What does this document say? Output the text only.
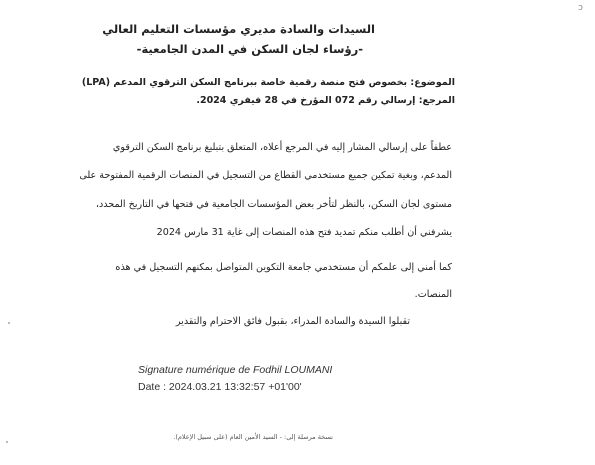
ɔ
السيدات والسادة مديري مؤسسات التعليم العالي
-رؤساء لجان السكن في المدن الجامعية-
الموضوع: بخصوص فتح منصة رقمية خاصة ببرنامج السكن الترقوي المدعم (LPA)
المرجع: إرسالي رقم 072 المؤرخ في 28 فيفري 2024.
عطفاً على إرسالي المشار إليه في المرجع أعلاه، المتعلق بتبليغ برنامج السكن الترقوي
المدعم، وبغية تمكين جميع مستخدمي القطاع من التسجيل في المنصات الرقمية المفتوحة على
مستوى لجان السكن، بالنظر لتأخر بعض المؤسسات الجامعية في فتحها في التاريخ المحدد،
يشرفني أن أطلب منكم تمديد فتح هذه المنصات إلى غاية 31 مارس 2024
كما أمني إلى علمكم أن مستخدمي جامعة التكوين المتواصل بمكنهم التسجيل في هذه
المنصات.
تقبلوا السيدة والسادة المدراء، بقبول فائق الاحترام والتقدير
Signature numérique de Fodhil LOUMANI
Date : 2024.03.21 13:32:57 +01'00'
نسخة مرسلة إلى: - السيد الأمين العام (على سبيل الإعلام).
